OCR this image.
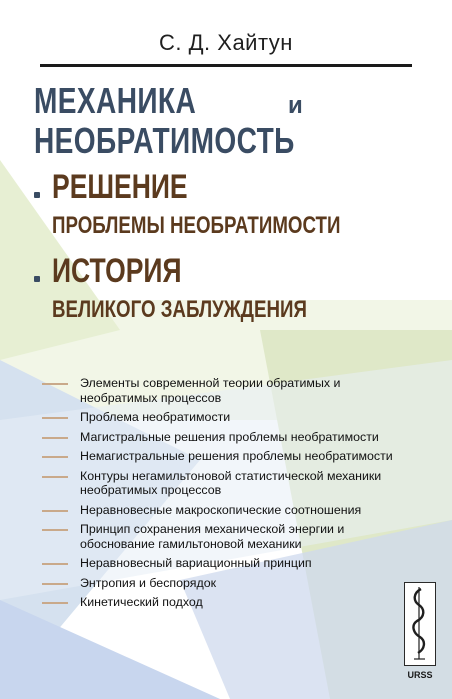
С. Д. Хайтун
МЕХАНИКА	и
НЕОБРАТИМОСТЬ
РЕШЕНИЕ
ПРОБЛЕМЫ НЕОБРАТИМОСТИ
ИСТОРИЯ
ВЕЛИКОГО ЗАБЛУЖДЕНИЯ
Элементы современной теории обратимых и необратимых процессов
Проблема необратимости
Магистральные решения проблемы необратимости
Немагистральные решения проблемы необратимости
Контуры негамильтоновой статистической механики необратимых процессов
Неравновесные макроскопические соотношения
Принцип сохранения механической энергии и обоснование гамильтоновой механики
Неравновесный вариационный принцип
Энтропия и беспорядок
Кинетический подход
URSS
